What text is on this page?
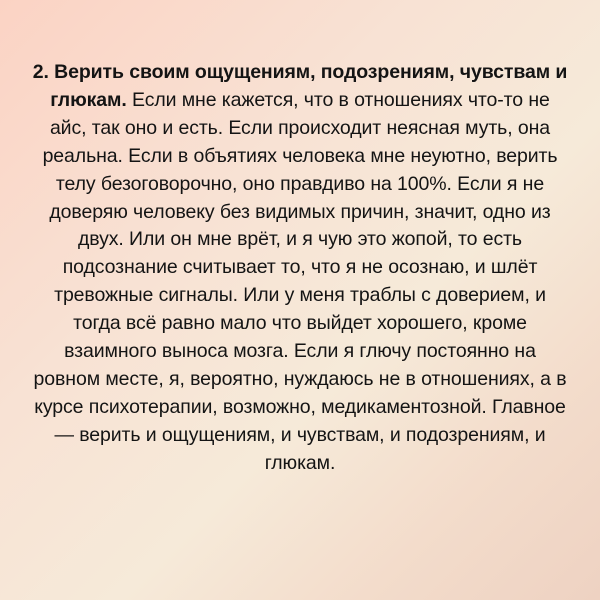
2. Верить своим ощущениям, подозрениям, чувствам и глюкам. Если мне кажется, что в отношениях что-то не айс, так оно и есть. Если происходит неясная муть, она реальна. Если в объятиях человека мне неуютно, верить телу безоговорочно, оно правдиво на 100%. Если я не доверяю человеку без видимых причин, значит, одно из двух. Или он мне врёт, и я чую это жопой, то есть подсознание считывает то, что я не осознаю, и шлёт тревожные сигналы. Или у меня траблы с доверием, и тогда всё равно мало что выйдет хорошего, кроме взаимного выноса мозга. Если я глючу постоянно на ровном месте, я, вероятно, нуждаюсь не в отношениях, а в курсе психотерапии, возможно, медикаментозной. Главное — верить и ощущениям, и чувствам, и подозрениям, и глюкам.
